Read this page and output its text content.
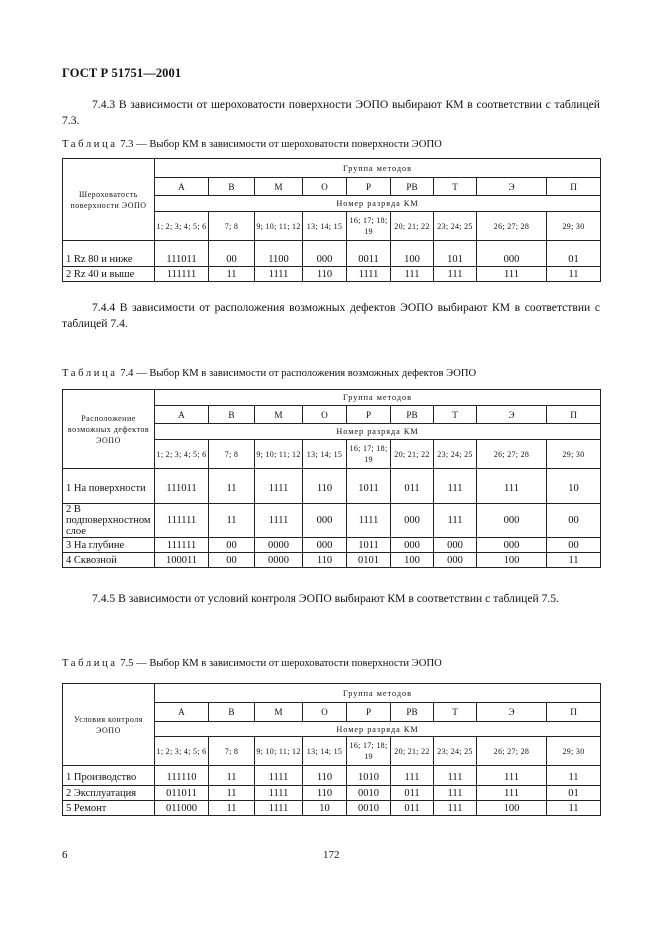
ГОСТ Р 51751—2001
7.4.3 В зависимости от шероховатости поверхности ЭОПО выбирают КМ в соответствии с таблицей 7.3.
Таблица 7.3 — Выбор КМ в зависимости от шероховатости поверхности ЭОПО
Шероховатость поверхности ЭОПО	Группа методов								
	А	В	М	О	Р	РВ	Т	Э	П
	Номер разряда КМ								
	1; 2; 3; 4; 5; 6	7; 8	9; 10; 11; 12	13; 14; 15	16; 17; 18; 19	20; 21; 22	23; 24; 25	26; 27; 28	29; 30

1 Rz 80 и ниже	111011	00	1100	000	0011	100	101	000	01
2 Rz 40 и выше	111111	11	1111	110	1111	111	111	111	11
7.4.4 В зависимости от расположения возможных дефектов ЭОПО выбирают КМ в соответствии с таблицей 7.4.
Таблица 7.4 — Выбор КМ в зависимости от расположения возможных дефектов ЭОПО
Расположение возможных дефектов ЭОПО	Группа методов								
	А	В	М	О	Р	РВ	Т	Э	П
	Номер разряда КМ								
	1; 2; 3; 4; 5; 6	7; 8	9; 10; 11; 12	13; 14; 15	16; 17; 18; 19	20; 21; 22	23; 24; 25	26; 27; 28	29; 30

1 На поверхности	111011	11	1111	110	1011	011	111	111	10
2 В подповерхностном слое	111111	11	1111	000	1111	000	111	000	00
3 На глубине	111111	00	0000	000	1011	000	000	000	00
4 Сквозной	100011	00	0000	110	0101	100	000	100	11
7.4.5 В зависимости от условий контроля ЭОПО выбирают КМ в соответствии с таблицей 7.5.
Таблица 7.5 — Выбор КМ в зависимости от шероховатости поверхности ЭОПО
Условия контроля ЭОПО	Группа методов								
	А	В	М	О	Р	РВ	Т	Э	П
	Номер разряда КМ								
	1; 2; 3; 4; 5; 6	7; 8	9; 10; 11; 12	13; 14; 15	16; 17; 18; 19	20; 21; 22	23; 24; 25	26; 27; 28	29; 30

1 Производство	111110	11	1111	110	1010	111	111	111	11
2 Эксплуатация	011011	11	1111	110	0010	011	111	111	01
5 Ремонт	011000	11	1111	10	0010	011	111	100	11
6	172
